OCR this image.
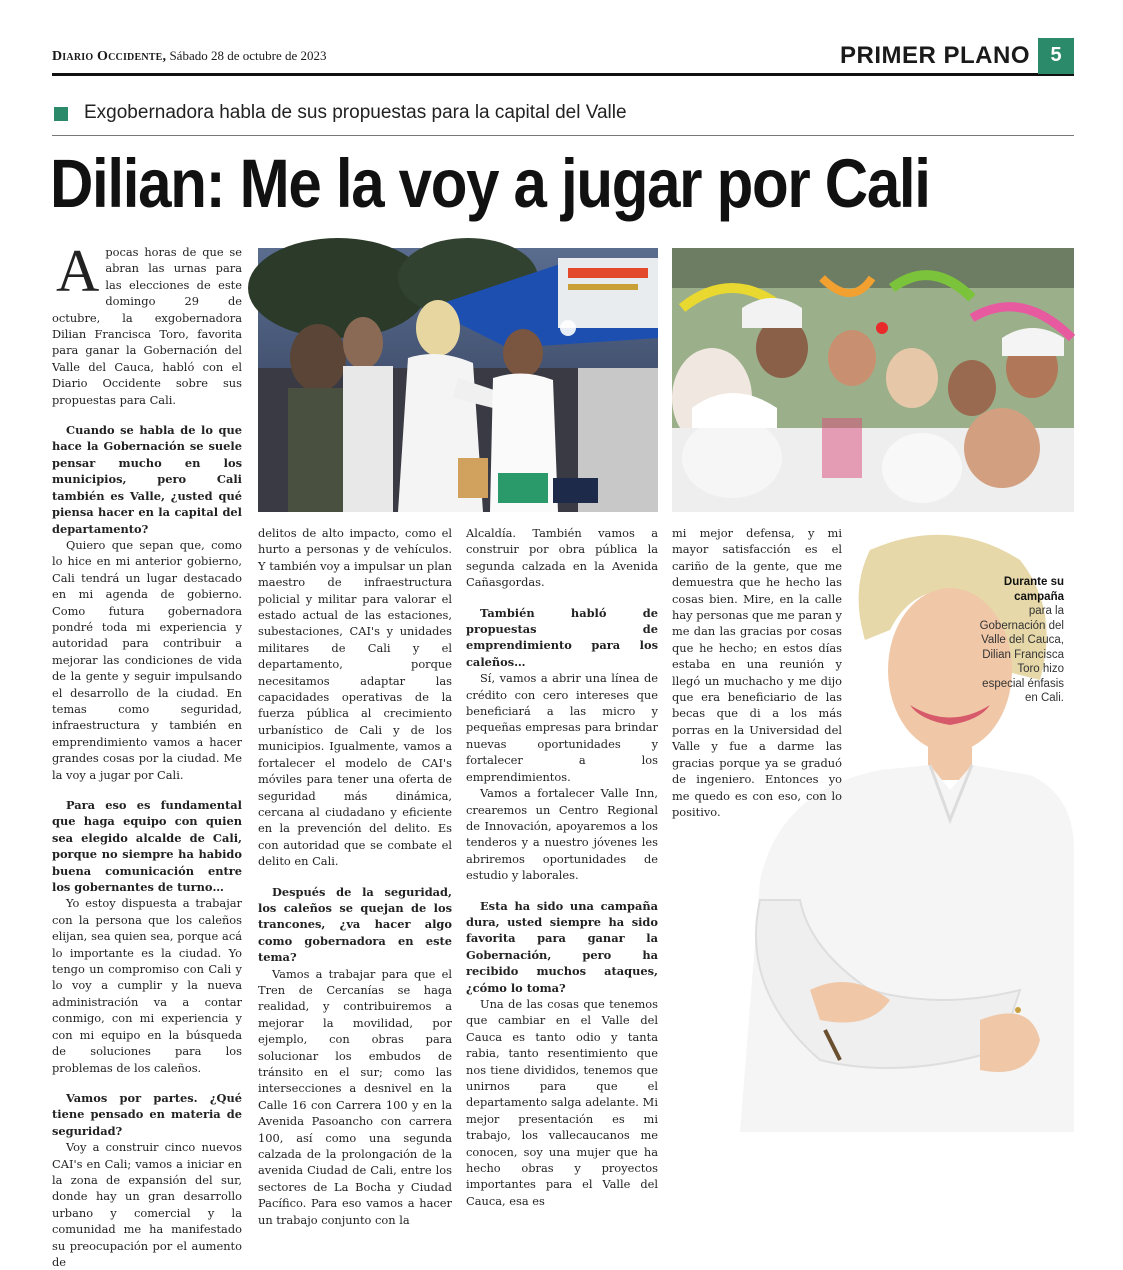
Diario Occidente, Sábado 28 de octubre de 2023	PRIMER PLANO	5
Exgobernadora habla de sus propuestas para la capital del Valle
Dilian: Me la voy a jugar por Cali
Durante su campaña
para la Gobernación del Valle del Cauca, Dilian Francisca Toro hizo especial énfasis en Cali.
A pocas horas de que se abran las urnas para las elecciones de este domingo 29 de octubre, la exgobernadora Dilian Francisca Toro, favorita para ganar la Gobernación del Valle del Cauca, habló con el Diario Occidente sobre sus propuestas para Cali.

Cuando se habla de lo que hace la Gobernación se suele pensar mucho en los municipios, pero Cali también es Valle, ¿usted qué piensa hacer en la capital del departamento?

Quiero que sepan que, como lo hice en mi anterior gobierno, Cali tendrá un lugar destacado en mi agenda de gobierno. Como futura gobernadora pondré toda mi experiencia y autoridad para contribuir a mejorar las condiciones de vida de la gente y seguir impulsando el desarrollo de la ciudad. En temas como seguridad, infraestructura y también en emprendimiento vamos a hacer grandes cosas por la ciudad. Me la voy a jugar por Cali.

Para eso es fundamental que haga equipo con quien sea elegido alcalde de Cali, porque no siempre ha habido buena comunicación entre los gobernantes de turno…

Yo estoy dispuesta a trabajar con la persona que los caleños elijan, sea quien sea, porque acá lo importante es la ciudad. Yo tengo un compromiso con Cali y lo voy a cumplir y la nueva administración va a contar conmigo, con mi experiencia y con mi equipo en la búsqueda de soluciones para los problemas de los caleños.

Vamos por partes. ¿Qué tiene pensado en materia de seguridad?

Voy a construir cinco nuevos CAI's en Cali; vamos a iniciar en la zona de expansión del sur, donde hay un gran desarrollo urbano y comercial y la comunidad me ha manifestado su preocupación por el aumento de

delitos de alto impacto, como el hurto a personas y de vehículos. Y también voy a impulsar un plan maestro de infraestructura policial y militar para valorar el estado actual de las estaciones, subestaciones, CAI's y unidades militares de Cali y el departamento, porque necesitamos adaptar las capacidades operativas de la fuerza pública al crecimiento urbanístico de Cali y de los municipios. Igualmente, vamos a fortalecer el modelo de CAI's móviles para tener una oferta de seguridad más dinámica, cercana al ciudadano y eficiente en la prevención del delito. Es con autoridad que se combate el delito en Cali.

Después de la seguridad, los caleños se quejan de los trancones, ¿va hacer algo como gobernadora en este tema?

Vamos a trabajar para que el Tren de Cercanías se haga realidad, y contribuiremos a mejorar la movilidad, por ejemplo, con obras para solucionar los embudos de tránsito en el sur; como las intersecciones a desnivel en la Calle 16 con Carrera 100 y en la Avenida Pasoancho con carrera 100, así como una segunda calzada de la prolongación de la avenida Ciudad de Cali, entre los sectores de La Bocha y Ciudad Pacífico. Para eso vamos a hacer un trabajo conjunto con la

Alcaldía. También vamos a construir por obra pública la segunda calzada en la Avenida Cañasgordas.

También habló de propuestas de emprendimiento para los caleños…

Sí, vamos a abrir una línea de crédito con cero intereses que beneficiará a las micro y pequeñas empresas para brindar nuevas oportunidades y fortalecer a los emprendimientos.

Vamos a fortalecer Valle Inn, crearemos un Centro Regional de Innovación, apoyaremos a los tenderos y a nuestro jóvenes les abriremos oportunidades de estudio y laborales.

Esta ha sido una campaña dura, usted siempre ha sido favorita para ganar la Gobernación, pero ha recibido muchos ataques, ¿cómo lo toma?

Una de las cosas que tenemos que cambiar en el Valle del Cauca es tanto odio y tanta rabia, tanto resentimiento que nos tiene divididos, tenemos que unirnos para que el departamento salga adelante. Mi mejor presentación es mi trabajo, los vallecaucanos me conocen, soy una mujer que ha hecho obras y proyectos importantes para el Valle del Cauca, esa es

mi mejor defensa, y mi mayor satisfacción es el cariño de la gente, que me demuestra que he hecho las cosas bien. Mire, en la calle hay personas que me paran y me dan las gracias por cosas que he hecho; en estos días estaba en una reunión y llegó un muchacho y me dijo que era beneficiario de las becas que di a los más porras en la Universidad del Valle y fue a darme las gracias porque ya se graduó de ingeniero. Entonces yo me quedo es con eso, con lo positivo.
